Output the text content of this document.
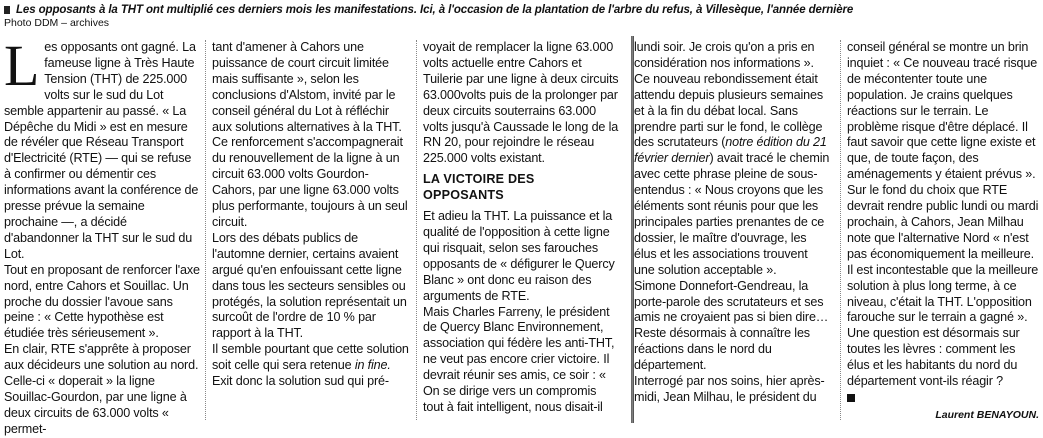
Les opposants à la THT ont multiplié ces derniers mois les manifestations. Ici, à l'occasion de la plantation de l'arbre du refus, à Villesèque, l'année dernière
Photo DDM – archives
L es opposants ont gagné. La fameuse ligne à Très Haute Tension (THT) de 225.000 volts sur le sud du Lot semble appartenir au passé. « La Dépêche du Midi » est en mesure de révéler que Réseau Transport d'Electricité (RTE) — qui se refuse à confirmer ou démentir ces informations avant la conférence de presse prévue la semaine prochaine —, a décidé d'abandonner la THT sur le sud du Lot.

Tout en proposant de renforcer l'axe nord, entre Cahors et Souillac. Un proche du dossier l'avoue sans peine : « Cette hypothèse est étudiée très sérieusement ».

En clair, RTE s'apprête à proposer aux décideurs une solution au nord. Celle-ci « doperait » la ligne Souillac-Gourdon, par une ligne à deux circuits de 63.000 volts « permet-

tant d'amener à Cahors une puissance de court circuit limitée mais suffisante », selon les conclusions d'Alstom, invité par le conseil général du Lot à réfléchir aux solutions alternatives à la THT.

Ce renforcement s'accompagnerait du renouvellement de la ligne à un circuit 63.000 volts Gourdon-Cahors, par une ligne 63.000 volts plus performante, toujours à un seul circuit.

Lors des débats publics de l'automne dernier, certains avaient argué qu'en enfouissant cette ligne dans tous les secteurs sensibles ou protégés, la solution représentait un surcoût de l'ordre de 10 % par rapport à la THT.

Il semble pourtant que cette solution soit celle qui sera retenue in fine.

Exit donc la solution sud qui pré-

voyait de remplacer la ligne 63.000 volts actuelle entre Cahors et Tuilerie par une ligne à deux circuits 63.000volts puis de la prolonger par deux circuits souterrains 63.000 volts jusqu'à Caussade le long de la RN 20, pour rejoindre le réseau 225.000 volts existant.

LA VICTOIRE DES OPPOSANTS

Et adieu la THT. La puissance et la qualité de l'opposition à cette ligne qui risquait, selon ses farouches opposants de « défigurer le Quercy Blanc » ont donc eu raison des arguments de RTE.

Mais Charles Farreny, le président de Quercy Blanc Environnement, association qui fédère les anti-THT, ne veut pas encore crier victoire. Il devrait réunir ses amis, ce soir : « On se dirige vers un compromis tout à fait intelligent, nous disait-il

lundi soir. Je crois qu'on a pris en considération nos informations ».

Ce nouveau rebondissement était attendu depuis plusieurs semaines et à la fin du débat local. Sans prendre parti sur le fond, le collège des scrutateurs (notre édition du 21 février dernier) avait tracé le chemin avec cette phrase pleine de sous-entendus : « Nous croyons que les éléments sont réunis pour que les principales parties prenantes de ce dossier, le maître d'ouvrage, les élus et les associations trouvent une solution acceptable ».

Simone Donnefort-Gendreau, la porte-parole des scrutateurs et ses amis ne croyaient pas si bien dire… Reste désormais à connaître les réactions dans le nord du département.

Interrogé par nos soins, hier après-midi, Jean Milhau, le président du

conseil général se montre un brin inquiet : « Ce nouveau tracé risque de mécontenter toute une population. Je crains quelques réactions sur le terrain. Le problème risque d'être déplacé. Il faut savoir que cette ligne existe et que, de toute façon, des aménagements y étaient prévus ».

Sur le fond du choix que RTE devrait rendre public lundi ou mardi prochain, à Cahors, Jean Milhau note que l'alternative Nord « n'est pas économiquement la meilleure. Il est incontestable que la meilleure solution à plus long terme, à ce niveau, c'était la THT. L'opposition farouche sur le terrain a gagné ».

Une question est désormais sur toutes les lèvres : comment les élus et les habitants du nord du département vont-ils réagir ?

Laurent BENAYOUN.
